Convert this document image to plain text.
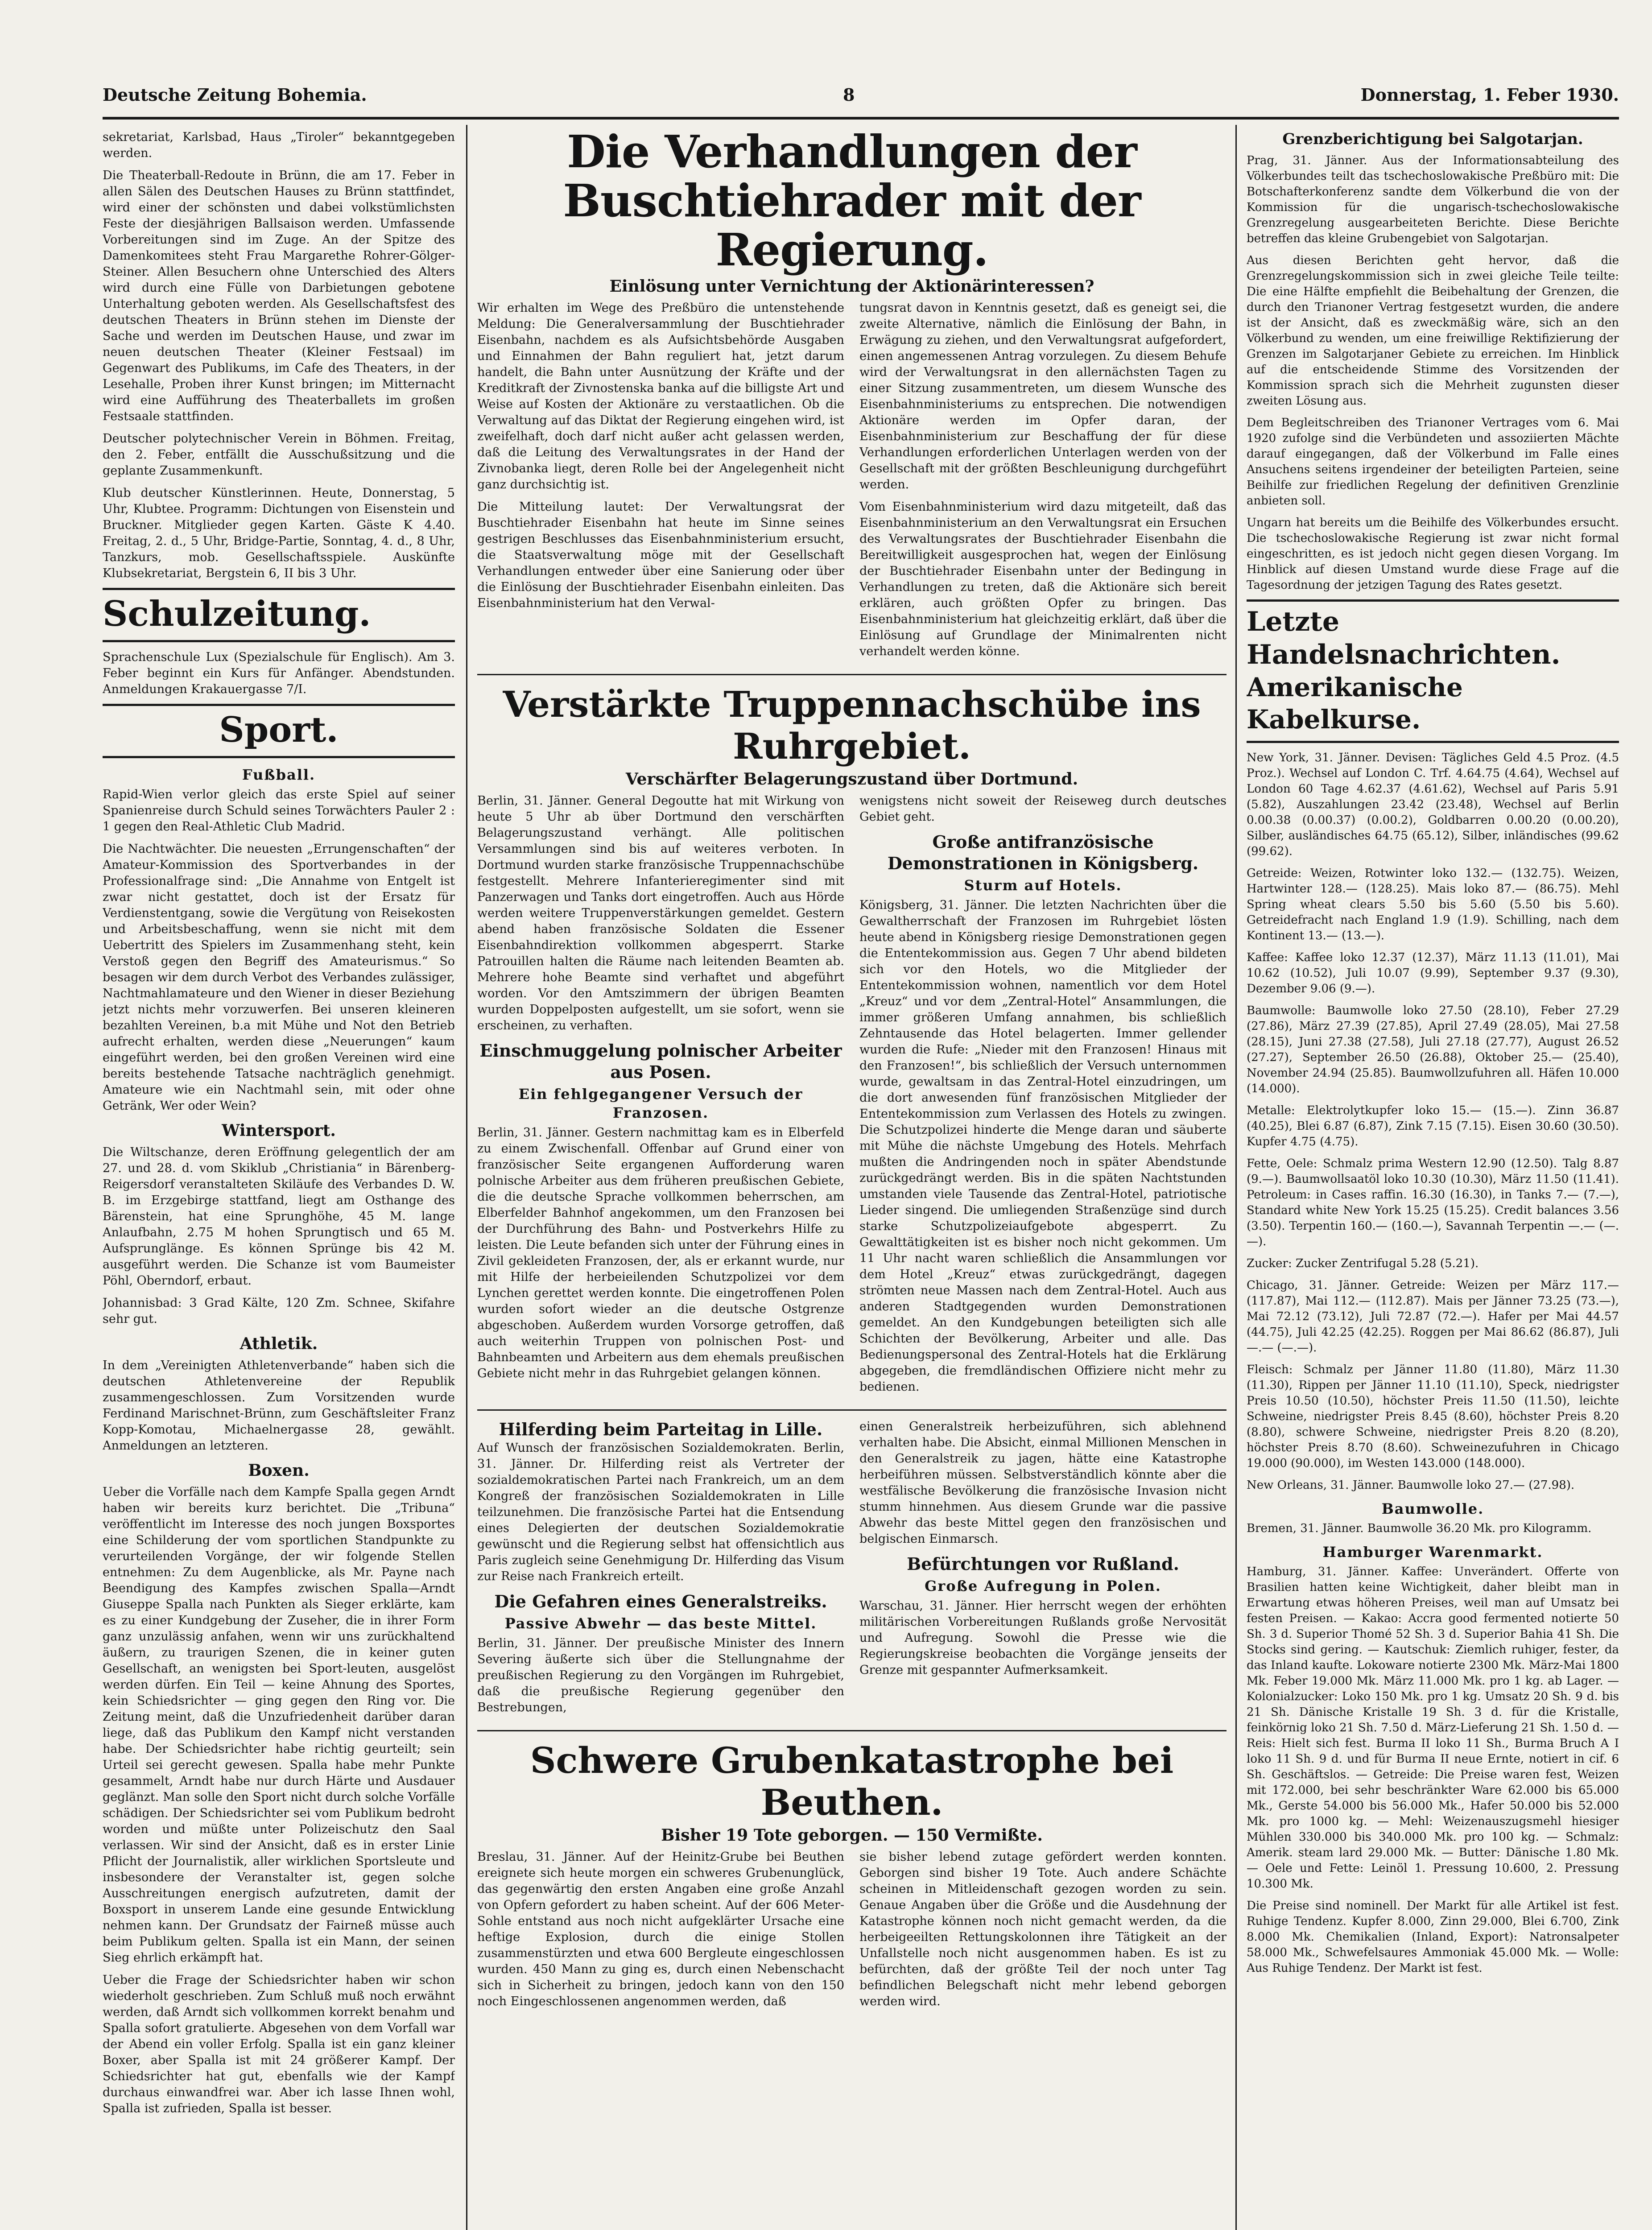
Deutsche Zeitung Bohemia.	8	Donnerstag, 1. Feber 1930.

sekretariat, Karlsbad, Haus „Tiroler“ bekanntgegeben werden.

Die Theaterball-Redoute in Brünn, die am 17. Feber in allen Sälen des Deutschen Hauses zu Brünn stattfindet, wird einer der schönsten und dabei volkstümlichsten Feste der diesjährigen Ballsaison werden. Umfassende Vorbereitungen sind im Zuge. An der Spitze des Damenkomitees steht Frau Margarethe Rohrer-Gölger-Steiner. Allen Besuchern ohne Unterschied des Alters wird durch eine Fülle von Darbietungen gebotene Unterhaltung geboten werden. Als Gesellschaftsfest des deutschen Theaters in Brünn stehen im Dienste der Sache und werden im Deutschen Hause, und zwar im neuen deutschen Theater (Kleiner Festsaal) im Gegenwart des Publikums, im Cafe des Theaters, in der Lesehalle, Proben ihrer Kunst bringen; im Mitternacht wird eine Aufführung des Theaterballets im großen Festsaale stattfinden.

Deutscher polytechnischer Verein in Böhmen. Freitag, den 2. Feber, entfällt die Ausschußsitzung und die geplante Zusammenkunft.

Klub deutscher Künstlerinnen. Heute, Donnerstag, 5 Uhr, Klubtee. Programm: Dichtungen von Eisenstein und Bruckner. Mitglieder gegen Karten. Gäste K 4.40. Freitag, 2. d., 5 Uhr, Bridge-Partie, Sonntag, 4. d., 8 Uhr, Tanzkurs, mob. Gesellschaftsspiele. Auskünfte Klubsekretariat, Bergstein 6, II bis 3 Uhr.

Schulzeitung.

Sprachenschule Lux (Spezialschule für Englisch). Am 3. Feber beginnt ein Kurs für Anfänger. Abendstunden. Anmeldungen Krakauergasse 7/I.

Sport.

Fußball.

Rapid-Wien verlor gleich das erste Spiel auf seiner Spanienreise durch Schuld seines Torwächters Pauler 2 : 1 gegen den Real-Athletic Club Madrid.

Die Nachtwächter. Die neuesten „Errungenschaften“ der Amateur-Kommission des Sportverbandes in der Professionalfrage sind: „Die Annahme von Entgelt ist zwar nicht gestattet, doch ist der Ersatz für Verdienstentgang, sowie die Vergütung von Reisekosten und Arbeitsbeschaffung, wenn sie nicht mit dem Uebertritt des Spielers im Zusammenhang steht, kein Verstoß gegen den Begriff des Amateurismus.“ So besagen wir dem durch Verbot des Verbandes zulässiger, Nachtmahlamateure und den Wiener in dieser Beziehung jetzt nichts mehr vorzuwerfen. Bei unseren kleineren bezahlten Vereinen, b.a mit Mühe und Not den Betrieb aufrecht erhalten, werden diese „Neuerungen“ kaum eingeführt werden, bei den großen Vereinen wird eine bereits bestehende Tatsache nachträglich genehmigt. Amateure wie ein Nachtmahl sein, mit oder ohne Getränk, Wer oder Wein?

Wintersport.

Die Wiltschanze, deren Eröffnung gelegentlich der am 27. und 28. d. vom Skiklub „Christiania“ in Bärenberg-Reigersdorf veranstalteten Skiläufe des Verbandes D. W. B. im Erzgebirge stattfand, liegt am Osthange des Bärenstein, hat eine Sprunghöhe, 45 M. lange Anlaufbahn, 2.75 M hohen Sprungtisch und 65 M. Aufsprunglänge. Es können Sprünge bis 42 M. ausgeführt werden. Die Schanze ist vom Baumeister Pöhl, Oberndorf, erbaut.

Johannisbad: 3 Grad Kälte, 120 Zm. Schnee, Skifahre sehr gut.

Athletik.

In dem „Vereinigten Athletenverbande“ haben sich die deutschen Athletenvereine der Republik zusammengeschlossen. Zum Vorsitzenden wurde Ferdinand Marischnet-Brünn, zum Geschäftsleiter Franz Kopp-Komotau, Michaelnergasse 28, gewählt. Anmeldungen an letzteren.

Boxen.

Ueber die Vorfälle nach dem Kampfe Spalla gegen Arndt haben wir bereits kurz berichtet. Die „Tribuna“ veröffentlicht im Interesse des noch jungen Boxsportes eine Schilderung der vom sportlichen Standpunkte zu verurteilenden Vorgänge, der wir folgende Stellen entnehmen: Zu dem Augenblicke, als Mr. Payne nach Beendigung des Kampfes zwischen Spalla—Arndt Giuseppe Spalla nach Punkten als Sieger erklärte, kam es zu einer Kundgebung der Zuseher, die in ihrer Form ganz unzulässig anfahen, wenn wir uns zurückhaltend äußern, zu traurigen Szenen, die in keiner guten Gesellschaft, an wenigsten bei Sport-leuten, ausgelöst werden dürfen. Ein Teil — keine Ahnung des Sportes, kein Schiedsrichter — ging gegen den Ring vor. Die Zeitung meint, daß die Unzufriedenheit darüber daran liege, daß das Publikum den Kampf nicht verstanden habe. Der Schiedsrichter habe richtig geurteilt; sein Urteil sei gerecht gewesen. Spalla habe mehr Punkte gesammelt, Arndt habe nur durch Härte und Ausdauer geglänzt. Man solle den Sport nicht durch solche Vorfälle schädigen. Der Schiedsrichter sei vom Publikum bedroht worden und müßte unter Polizeischutz den Saal verlassen. Wir sind der Ansicht, daß es in erster Linie Pflicht der Journalistik, aller wirklichen Sportsleute und insbesondere der Veranstalter ist, gegen solche Ausschreitungen energisch aufzutreten, damit der Boxsport in unserem Lande eine gesunde Entwicklung nehmen kann. Der Grundsatz der Fairneß müsse auch beim Publikum gelten. Spalla ist ein Mann, der seinen Sieg ehrlich erkämpft hat.

Ueber die Frage der Schiedsrichter haben wir schon wiederholt geschrieben. Zum Schluß muß noch erwähnt werden, daß Arndt sich vollkommen korrekt benahm und Spalla sofort gratulierte. Abgesehen von dem Vorfall war der Abend ein voller Erfolg. Spalla ist ein ganz kleiner Boxer, aber Spalla ist mit 24 größerer Kampf. Der Schiedsrichter hat gut, ebenfalls wie der Kampf durchaus einwandfrei war. Aber ich lasse Ihnen wohl, Spalla ist zufrieden, Spalla ist besser.

Die Verhandlungen der Buschtiehrader mit der Regierung.

Einlösung unter Vernichtung der Aktionärinteressen?

Wir erhalten im Wege des Preßbüro die untenstehende Meldung: Die Generalversammlung der Buschtiehrader Eisenbahn, nachdem es als Aufsichtsbehörde Ausgaben und Einnahmen der Bahn reguliert hat, jetzt darum handelt, die Bahn unter Ausnützung der Kräfte und der Kreditkraft der Zivnostenska banka auf die billigste Art und Weise auf Kosten der Aktionäre zu verstaatlichen. Ob die Verwaltung auf das Diktat der Regierung eingehen wird, ist zweifelhaft, doch darf nicht außer acht gelassen werden, daß die Leitung des Verwaltungsrates in der Hand der Zivnobanka liegt, deren Rolle bei der Angelegenheit nicht ganz durchsichtig ist.

Die Mitteilung lautet: Der Verwaltungsrat der Buschtiehrader Eisenbahn hat heute im Sinne seines gestrigen Beschlusses das Eisenbahnministerium ersucht, die Staatsverwaltung möge mit der Gesellschaft Verhandlungen entweder über eine Sanierung oder über die Einlösung der Buschtiehrader Eisenbahn einleiten. Das Eisenbahnministerium hat den Verwal-

tungsrat davon in Kenntnis gesetzt, daß es geneigt sei, die zweite Alternative, nämlich die Einlösung der Bahn, in Erwägung zu ziehen, und den Verwaltungsrat aufgefordert, einen angemessenen Antrag vorzulegen. Zu diesem Behufe wird der Verwaltungsrat in den allernächsten Tagen zu einer Sitzung zusammentreten, um diesem Wunsche des Eisenbahnministeriums zu entsprechen. Die notwendigen Aktionäre werden im Opfer daran, der Eisenbahnministerium zur Beschaffung der für diese Verhandlungen erforderlichen Unterlagen werden von der Gesellschaft mit der größten Beschleunigung durchgeführt werden.

Vom Eisenbahnministerium wird dazu mitgeteilt, daß das Eisenbahnministerium an den Verwaltungsrat ein Ersuchen des Verwaltungsrates der Buschtiehrader Eisenbahn die Bereitwilligkeit ausgesprochen hat, wegen der Einlösung der Buschtiehrader Eisenbahn unter der Bedingung in Verhandlungen zu treten, daß die Aktionäre sich bereit erklären, auch größten Opfer zu bringen. Das Eisenbahnministerium hat gleichzeitig erklärt, daß über die Einlösung auf Grundlage der Minimalrenten nicht verhandelt werden könne.

Verstärkte Truppennachschübe ins Ruhrgebiet.

Verschärfter Belagerungszustand über Dortmund.

Berlin, 31. Jänner. General Degoutte hat mit Wirkung von heute 5 Uhr ab über Dortmund den verschärften Belagerungszustand verhängt. Alle politischen Versammlungen sind bis auf weiteres verboten. In Dortmund wurden starke französische Truppennachschübe festgestellt. Mehrere Infanterieregimenter sind mit Panzerwagen und Tanks dort eingetroffen. Auch aus Hörde werden weitere Truppenverstärkungen gemeldet. Gestern abend haben französische Soldaten die Essener Eisenbahndirektion vollkommen abgesperrt. Starke Patrouillen halten die Räume nach leitenden Beamten ab. Mehrere hohe Beamte sind verhaftet und abgeführt worden. Vor den Amtszimmern der übrigen Beamten wurden Doppelposten aufgestellt, um sie sofort, wenn sie erscheinen, zu verhaften.

Einschmuggelung polnischer Arbeiter aus Posen.

Ein fehlgegangener Versuch der Franzosen.

Berlin, 31. Jänner. Gestern nachmittag kam es in Elberfeld zu einem Zwischenfall. Offenbar auf Grund einer von französischer Seite ergangenen Aufforderung waren polnische Arbeiter aus dem früheren preußischen Gebiete, die die deutsche Sprache vollkommen beherrschen, am Elberfelder Bahnhof angekommen, um den Franzosen bei der Durchführung des Bahn- und Postverkehrs Hilfe zu leisten. Die Leute befanden sich unter der Führung eines in Zivil gekleideten Franzosen, der, als er erkannt wurde, nur mit Hilfe der herbeieilenden Schutzpolizei vor dem Lynchen gerettet werden konnte. Die eingetroffenen Polen wurden sofort wieder an die deutsche Ostgrenze abgeschoben. Außerdem wurden Vorsorge getroffen, daß auch weiterhin Truppen von polnischen Post- und Bahnbeamten und Arbeitern aus dem ehemals preußischen Gebiete nicht mehr in das Ruhrgebiet gelangen können.

wenigstens nicht soweit der Reiseweg durch deutsches Gebiet geht.

Große antifranzösische Demonstrationen in Königsberg.

Sturm auf Hotels.

Königsberg, 31. Jänner. Die letzten Nachrichten über die Gewaltherrschaft der Franzosen im Ruhrgebiet lösten heute abend in Königsberg riesige Demonstrationen gegen die Ententekommission aus. Gegen 7 Uhr abend bildeten sich vor den Hotels, wo die Mitglieder der Ententekommission wohnen, namentlich vor dem Hotel „Kreuz“ und vor dem „Zentral-Hotel“ Ansammlungen, die immer größeren Umfang annahmen, bis schließlich Zehntausende das Hotel belagerten. Immer gellender wurden die Rufe: „Nieder mit den Franzosen! Hinaus mit den Franzosen!“, bis schließlich der Versuch unternommen wurde, gewaltsam in das Zentral-Hotel einzudringen, um die dort anwesenden fünf französischen Mitglieder der Ententekommission zum Verlassen des Hotels zu zwingen. Die Schutzpolizei hinderte die Menge daran und säuberte mit Mühe die nächste Umgebung des Hotels. Mehrfach mußten die Andringenden noch in später Abendstunde zurückgedrängt werden. Bis in die späten Nachtstunden umstanden viele Tausende das Zentral-Hotel, patriotische Lieder singend. Die umliegenden Straßenzüge sind durch starke Schutzpolizeiaufgebote abgesperrt. Zu Gewalttätigkeiten ist es bisher noch nicht gekommen. Um 11 Uhr nacht waren schließlich die Ansammlungen vor dem Hotel „Kreuz“ etwas zurückgedrängt, dagegen strömten neue Massen nach dem Zentral-Hotel. Auch aus anderen Stadtgegenden wurden Demonstrationen gemeldet. An den Kundgebungen beteiligten sich alle Schichten der Bevölkerung, Arbeiter und alle. Das Bedienungspersonal des Zentral-Hotels hat die Erklärung abgegeben, die fremdländischen Offiziere nicht mehr zu bedienen.

Hilferding beim Parteitag in Lille.

Auf Wunsch der französischen Sozialdemokraten. Berlin, 31. Jänner. Dr. Hilferding reist als Vertreter der sozialdemokratischen Partei nach Frankreich, um an dem Kongreß der französischen Sozialdemokraten in Lille teilzunehmen. Die französische Partei hat die Entsendung eines Delegierten der deutschen Sozialdemokratie gewünscht und die Regierung selbst hat offensichtlich aus Paris zugleich seine Genehmigung Dr. Hilferding das Visum zur Reise nach Frankreich erteilt.

Die Gefahren eines Generalstreiks.

Passive Abwehr — das beste Mittel.

Berlin, 31. Jänner. Der preußische Minister des Innern Severing äußerte sich über die Stellungnahme der preußischen Regierung zu den Vorgängen im Ruhrgebiet, daß die preußische Regierung gegenüber den Bestrebungen,

einen Generalstreik herbeizuführen, sich ablehnend verhalten habe. Die Absicht, einmal Millionen Menschen in den Generalstreik zu jagen, hätte eine Katastrophe herbeiführen müssen. Selbstverständlich könnte aber die westfälische Bevölkerung die französische Invasion nicht stumm hinnehmen. Aus diesem Grunde war die passive Abwehr das beste Mittel gegen den französischen und belgischen Einmarsch.

Befürchtungen vor Rußland.

Große Aufregung in Polen.

Warschau, 31. Jänner. Hier herrscht wegen der erhöhten militärischen Vorbereitungen Rußlands große Nervosität und Aufregung. Sowohl die Presse wie die Regierungskreise beobachten die Vorgänge jenseits der Grenze mit gespannter Aufmerksamkeit.

Schwere Grubenkatastrophe bei Beuthen.

Bisher 19 Tote geborgen. — 150 Vermißte.

Breslau, 31. Jänner. Auf der Heinitz-Grube bei Beuthen ereignete sich heute morgen ein schweres Grubenunglück, das gegenwärtig den ersten Angaben eine große Anzahl von Opfern gefordert zu haben scheint. Auf der 606 Meter-Sohle entstand aus noch nicht aufgeklärter Ursache eine heftige Explosion, durch die einige Stollen zusammenstürzten und etwa 600 Bergleute eingeschlossen wurden. 450 Mann zu ging es, durch einen Nebenschacht sich in Sicherheit zu bringen, jedoch kann von den 150 noch Eingeschlossenen angenommen werden, daß

sie bisher lebend zutage gefördert werden konnten. Geborgen sind bisher 19 Tote. Auch andere Schächte scheinen in Mitleidenschaft gezogen worden zu sein. Genaue Angaben über die Größe und die Ausdehnung der Katastrophe können noch nicht gemacht werden, da die herbeigeeilten Rettungskolonnen ihre Tätigkeit an der Unfallstelle noch nicht ausgenommen haben. Es ist zu befürchten, daß der größte Teil der noch unter Tag befindlichen Belegschaft nicht mehr lebend geborgen werden wird.

Grenzberichtigung bei Salgotarjan.

Prag, 31. Jänner. Aus der Informationsabteilung des Völkerbundes teilt das tschechoslowakische Preßbüro mit: Die Botschafterkonferenz sandte dem Völkerbund die von der Kommission für die ungarisch-tschechoslowakische Grenzregelung ausgearbeiteten Berichte. Diese Berichte betreffen das kleine Grubengebiet von Salgotarjan.

Aus diesen Berichten geht hervor, daß die Grenzregelungskommission sich in zwei gleiche Teile teilte: Die eine Hälfte empfiehlt die Beibehaltung der Grenzen, die durch den Trianoner Vertrag festgesetzt wurden, die andere ist der Ansicht, daß es zweckmäßig wäre, sich an den Völkerbund zu wenden, um eine freiwillige Rektifizierung der Grenzen im Salgotarjaner Gebiete zu erreichen. Im Hinblick auf die entscheidende Stimme des Vorsitzenden der Kommission sprach sich die Mehrheit zugunsten dieser zweiten Lösung aus.

Dem Begleitschreiben des Trianoner Vertrages vom 6. Mai 1920 zufolge sind die Verbündeten und assoziierten Mächte darauf eingegangen, daß der Völkerbund im Falle eines Ansuchens seitens irgendeiner der beteiligten Parteien, seine Beihilfe zur friedlichen Regelung der definitiven Grenzlinie anbieten soll.

Ungarn hat bereits um die Beihilfe des Völkerbundes ersucht. Die tschechoslowakische Regierung ist zwar nicht formal eingeschritten, es ist jedoch nicht gegen diesen Vorgang. Im Hinblick auf diesen Umstand wurde diese Frage auf die Tagesordnung der jetzigen Tagung des Rates gesetzt.

Letzte Handelsnachrichten.
Amerikanische Kabelkurse.

New York, 31. Jänner. Devisen: Tägliches Geld 4.5 Proz. (4.5 Proz.). Wechsel auf London C. Trf. 4.64.75 (4.64), Wechsel auf London 60 Tage 4.62.37 (4.61.62), Wechsel auf Paris 5.91 (5.82), Auszahlungen 23.42 (23.48), Wechsel auf Berlin 0.00.38 (0.00.37) (0.00.2), Goldbarren 0.00.20 (0.00.20), Silber, ausländisches 64.75 (65.12), Silber, inländisches (99.62 (99.62).

Getreide: Weizen, Rotwinter loko 132.— (132.75). Weizen, Hartwinter 128.— (128.25). Mais loko 87.— (86.75). Mehl Spring wheat clears 5.50 bis 5.60 (5.50 bis 5.60). Getreidefracht nach England 1.9 (1.9). Schilling, nach dem Kontinent 13.— (13.—).

Kaffee: Kaffee loko 12.37 (12.37), März 11.13 (11.01), Mai 10.62 (10.52), Juli 10.07 (9.99), September 9.37 (9.30), Dezember 9.06 (9.—).

Baumwolle: Baumwolle loko 27.50 (28.10), Feber 27.29 (27.86), März 27.39 (27.85), April 27.49 (28.05), Mai 27.58 (28.15), Juni 27.38 (27.58), Juli 27.18 (27.77), August 26.52 (27.27), September 26.50 (26.88), Oktober 25.— (25.40), November 24.94 (25.85). Baumwollzufuhren all. Häfen 10.000 (14.000).

Metalle: Elektrolytkupfer loko 15.— (15.—). Zinn 36.87 (40.25), Blei 6.87 (6.87), Zink 7.15 (7.15). Eisen 30.60 (30.50). Kupfer 4.75 (4.75).

Fette, Oele: Schmalz prima Western 12.90 (12.50). Talg 8.87 (9.—). Baumwollsaatöl loko 10.30 (10.30), März 11.50 (11.41). Petroleum: in Cases raffin. 16.30 (16.30), in Tanks 7.— (7.—), Standard white New York 15.25 (15.25). Credit balances 3.56 (3.50). Terpentin 160.— (160.—), Savannah Terpentin —.— (—.—).

Zucker: Zucker Zentrifugal 5.28 (5.21).

Chicago, 31. Jänner. Getreide: Weizen per März 117.— (117.87), Mai 112.— (112.87). Mais per Jänner 73.25 (73.—), Mai 72.12 (73.12), Juli 72.87 (72.—). Hafer per Mai 44.57 (44.75), Juli 42.25 (42.25). Roggen per Mai 86.62 (86.87), Juli —.— (—.—).

Fleisch: Schmalz per Jänner 11.80 (11.80), März 11.30 (11.30), Rippen per Jänner 11.10 (11.10), Speck, niedrigster Preis 10.50 (10.50), höchster Preis 11.50 (11.50), leichte Schweine, niedrigster Preis 8.45 (8.60), höchster Preis 8.20 (8.80), schwere Schweine, niedrigster Preis 8.20 (8.20), höchster Preis 8.70 (8.60). Schweinezufuhren in Chicago 19.000 (90.000), im Westen 143.000 (148.000).

New Orleans, 31. Jänner. Baumwolle loko 27.— (27.98).

Baumwolle.

Bremen, 31. Jänner. Baumwolle 36.20 Mk. pro Kilogramm.

Hamburger Warenmarkt.

Hamburg, 31. Jänner. Kaffee: Unverändert. Offerte von Brasilien hatten keine Wichtigkeit, daher bleibt man in Erwartung etwas höheren Preises, weil man auf Umsatz bei festen Preisen. — Kakao: Accra good fermented notierte 50 Sh. 3 d. Superior Thomé 52 Sh. 3 d. Superior Bahia 41 Sh. Die Stocks sind gering. — Kautschuk: Ziemlich ruhiger, fester, da das Inland kaufte. Lokoware notierte 2300 Mk. März-Mai 1800 Mk. Feber 19.000 Mk. März 11.000 Mk. pro 1 kg. ab Lager. — Kolonialzucker: Loko 150 Mk. pro 1 kg. Umsatz 20 Sh. 9 d. bis 21 Sh. Dänische Kristalle 19 Sh. 3 d. für die Kristalle, feinkörnig loko 21 Sh. 7.50 d. März-Lieferung 21 Sh. 1.50 d. — Reis: Hielt sich fest. Burma II loko 11 Sh., Burma Bruch A I loko 11 Sh. 9 d. und für Burma II neue Ernte, notiert in cif. 6 Sh. Geschäftslos. — Getreide: Die Preise waren fest, Weizen mit 172.000, bei sehr beschränkter Ware 62.000 bis 65.000 Mk., Gerste 54.000 bis 56.000 Mk., Hafer 50.000 bis 52.000 Mk. pro 1000 kg. — Mehl: Weizenauszugsmehl hiesiger Mühlen 330.000 bis 340.000 Mk. pro 100 kg. — Schmalz: Amerik. steam lard 29.000 Mk. — Butter: Dänische 1.80 Mk. — Oele und Fette: Leinöl 1. Pressung 10.600, 2. Pressung 10.300 Mk.

Die Preise sind nominell. Der Markt für alle Artikel ist fest. Ruhige Tendenz. Kupfer 8.000, Zinn 29.000, Blei 6.700, Zink 8.000 Mk. Chemikalien (Inland, Export): Natronsalpeter 58.000 Mk., Schwefelsaures Ammoniak 45.000 Mk. — Wolle: Aus Ruhige Tendenz. Der Markt ist fest.
